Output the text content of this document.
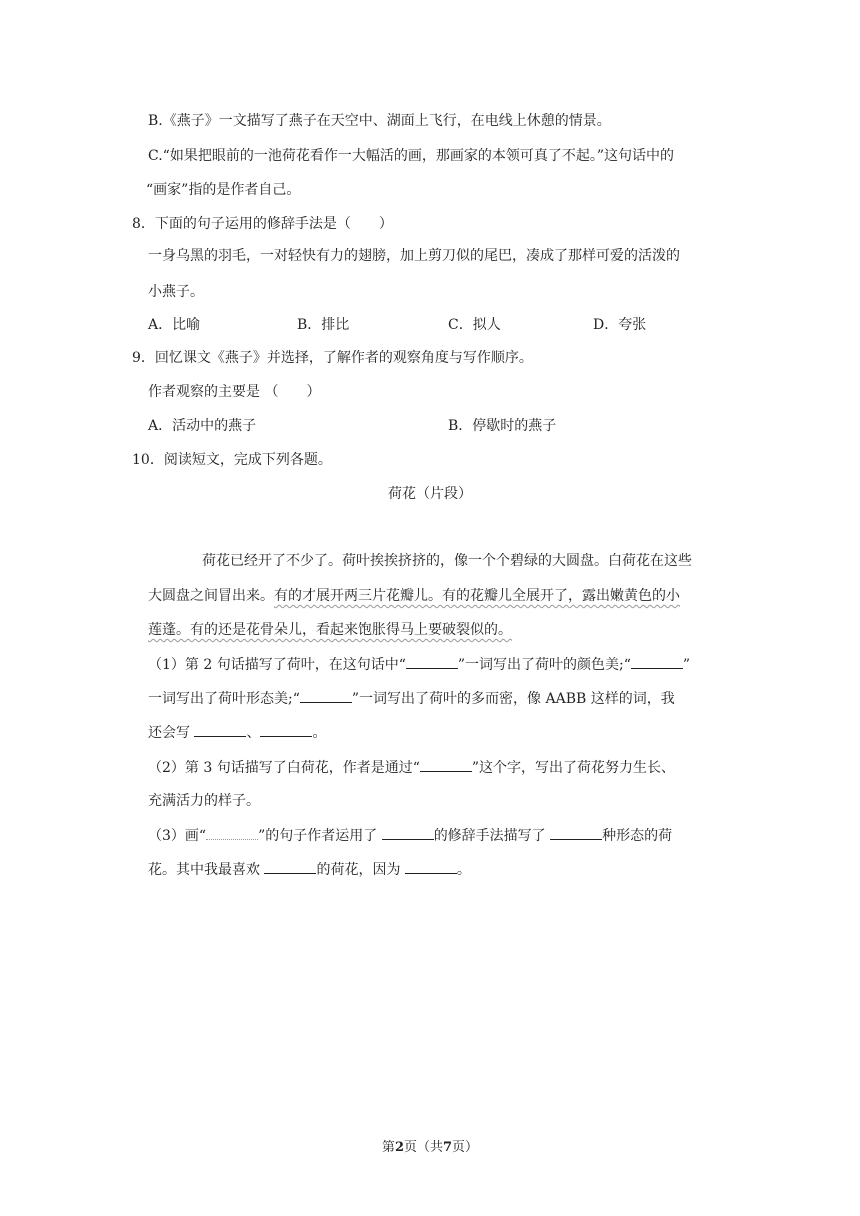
B.《燕子》一文描写了燕子在天空中、湖面上飞行，在电线上休憩的情景。
C.“如果把眼前的一池荷花看作一大幅活的画，那画家的本领可真了不起。”这句话中的
“画家”指的是作者自己。
8．下面的句子运用的修辞手法是（　　）
一身乌黑的羽毛，一对轻快有力的翅膀，加上剪刀似的尾巴，凑成了那样可爱的活泼的
小燕子。
A．比喻	B．排比	C．拟人	D．夸张
9．回忆课文《燕子》并选择，了解作者的观察角度与写作顺序。
作者观察的主要是 （　　）
A．活动中的燕子	B．停歇时的燕子
10．阅读短文，完成下列各题。
荷花（片段）
荷花已经开了不少了。荷叶挨挨挤挤的，像一个个碧绿的大圆盘。白荷花在这些
大圆盘之间冒出来。有的才展开两三片花瓣儿。有的花瓣儿全展开了，露出嫩黄色的小
莲蓬。有的还是花骨朵儿，看起来饱胀得马上要破裂似的。
（1）第 2 句话描写了荷叶，在这句话中“	”一词写出了荷叶的颜色美;“	”
一词写出了荷叶形态美;“	”一词写出了荷叶的多而密，像 AABB 这样的词，我
还会写	、	。
（2）第 3 句话描写了白荷花，作者是通过“	”这个字，写出了荷花努力生长、
充满活力的样子。
（3）画“	”的句子作者运用了	的修辞手法描写了	种形态的荷
花。其中我最喜欢	的荷花，因为	。
第2页（共7页）
